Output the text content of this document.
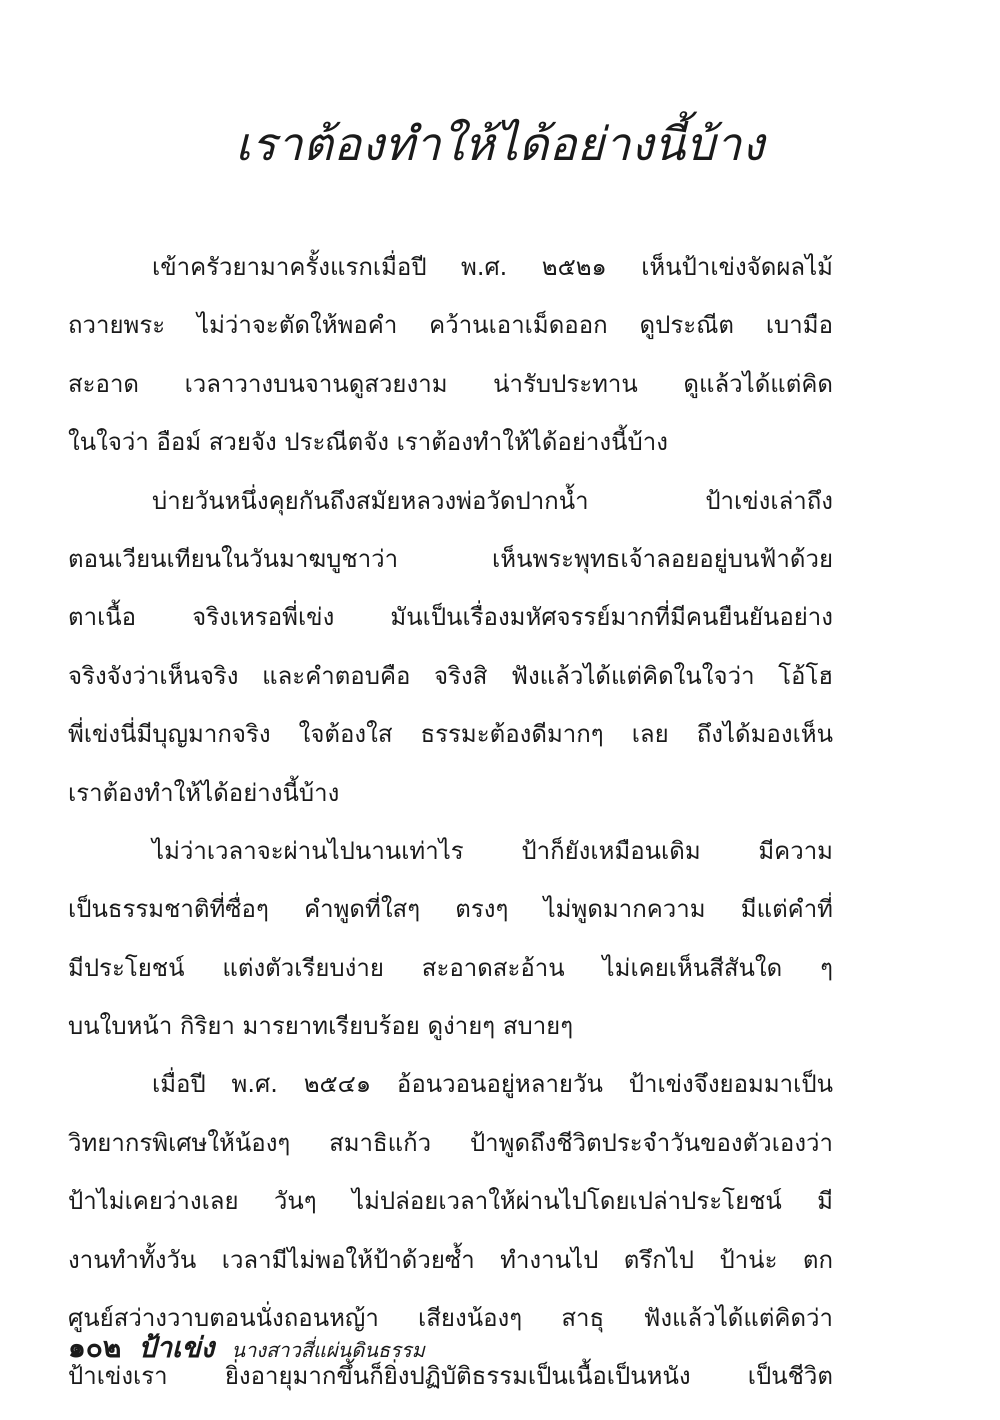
เราต้องทำให้ได้อย่างนี้บ้าง
เข้าครัวยามาครั้งแรกเมื่อปี พ.ศ. ๒๕๒๑ เห็นป้าเข่งจัดผลไม้
ถวายพระ ไม่ว่าจะตัดให้พอคำ คว้านเอาเม็ดออก ดูประณีต เบามือ
สะอาด เวลาวางบนจานดูสวยงาม น่ารับประทาน ดูแล้วได้แต่คิด
ในใจว่า อือม์ สวยจัง ประณีตจัง เราต้องทำให้ได้อย่างนี้บ้าง
บ่ายวันหนึ่งคุยกันถึงสมัยหลวงพ่อวัดปากน้ำ ป้าเข่งเล่าถึง
ตอนเวียนเทียนในวันมาฆบูชาว่า เห็นพระพุทธเจ้าลอยอยู่บนฟ้าด้วย
ตาเนื้อ จริงเหรอพี่เข่ง มันเป็นเรื่องมหัศจรรย์มากที่มีคนยืนยันอย่าง
จริงจังว่าเห็นจริง และคำตอบคือ จริงสิ ฟังแล้วได้แต่คิดในใจว่า โอ้โฮ
พี่เข่งนี่มีบุญมากจริง ใจต้องใส ธรรมะต้องดีมากๆ เลย ถึงได้มองเห็น
เราต้องทำให้ได้อย่างนี้บ้าง
ไม่ว่าเวลาจะผ่านไปนานเท่าไร ป้าก็ยังเหมือนเดิม มีความ
เป็นธรรมชาติที่ซื่อๆ คำพูดที่ใสๆ ตรงๆ ไม่พูดมากความ มีแต่คำที่
มีประโยชน์ แต่งตัวเรียบง่าย สะอาดสะอ้าน ไม่เคยเห็นสีสันใด ๆ
บนใบหน้า กิริยา มารยาทเรียบร้อย ดูง่ายๆ สบายๆ
เมื่อปี พ.ศ. ๒๕๔๑ อ้อนวอนอยู่หลายวัน ป้าเข่งจึงยอมมาเป็น
วิทยากรพิเศษให้น้องๆ สมาธิแก้ว ป้าพูดถึงชีวิตประจำวันของตัวเองว่า
ป้าไม่เคยว่างเลย วันๆ ไม่ปล่อยเวลาให้ผ่านไปโดยเปล่าประโยชน์ มี
งานทำทั้งวัน เวลามีไม่พอให้ป้าด้วยซ้ำ ทำงานไป ตรึกไป ป้าน่ะ ตก
ศูนย์สว่างวาบตอนนั่งถอนหญ้า เสียงน้องๆ สาธุ ฟังแล้วได้แต่คิดว่า
ป้าเข่งเรา ยิ่งอายุมากขึ้นก็ยิ่งปฏิบัติธรรมเป็นเนื้อเป็นหนัง เป็นชีวิต
๑๐๒ ป้าเข่ง นางสาวสี่แผ่นดินธรรม
